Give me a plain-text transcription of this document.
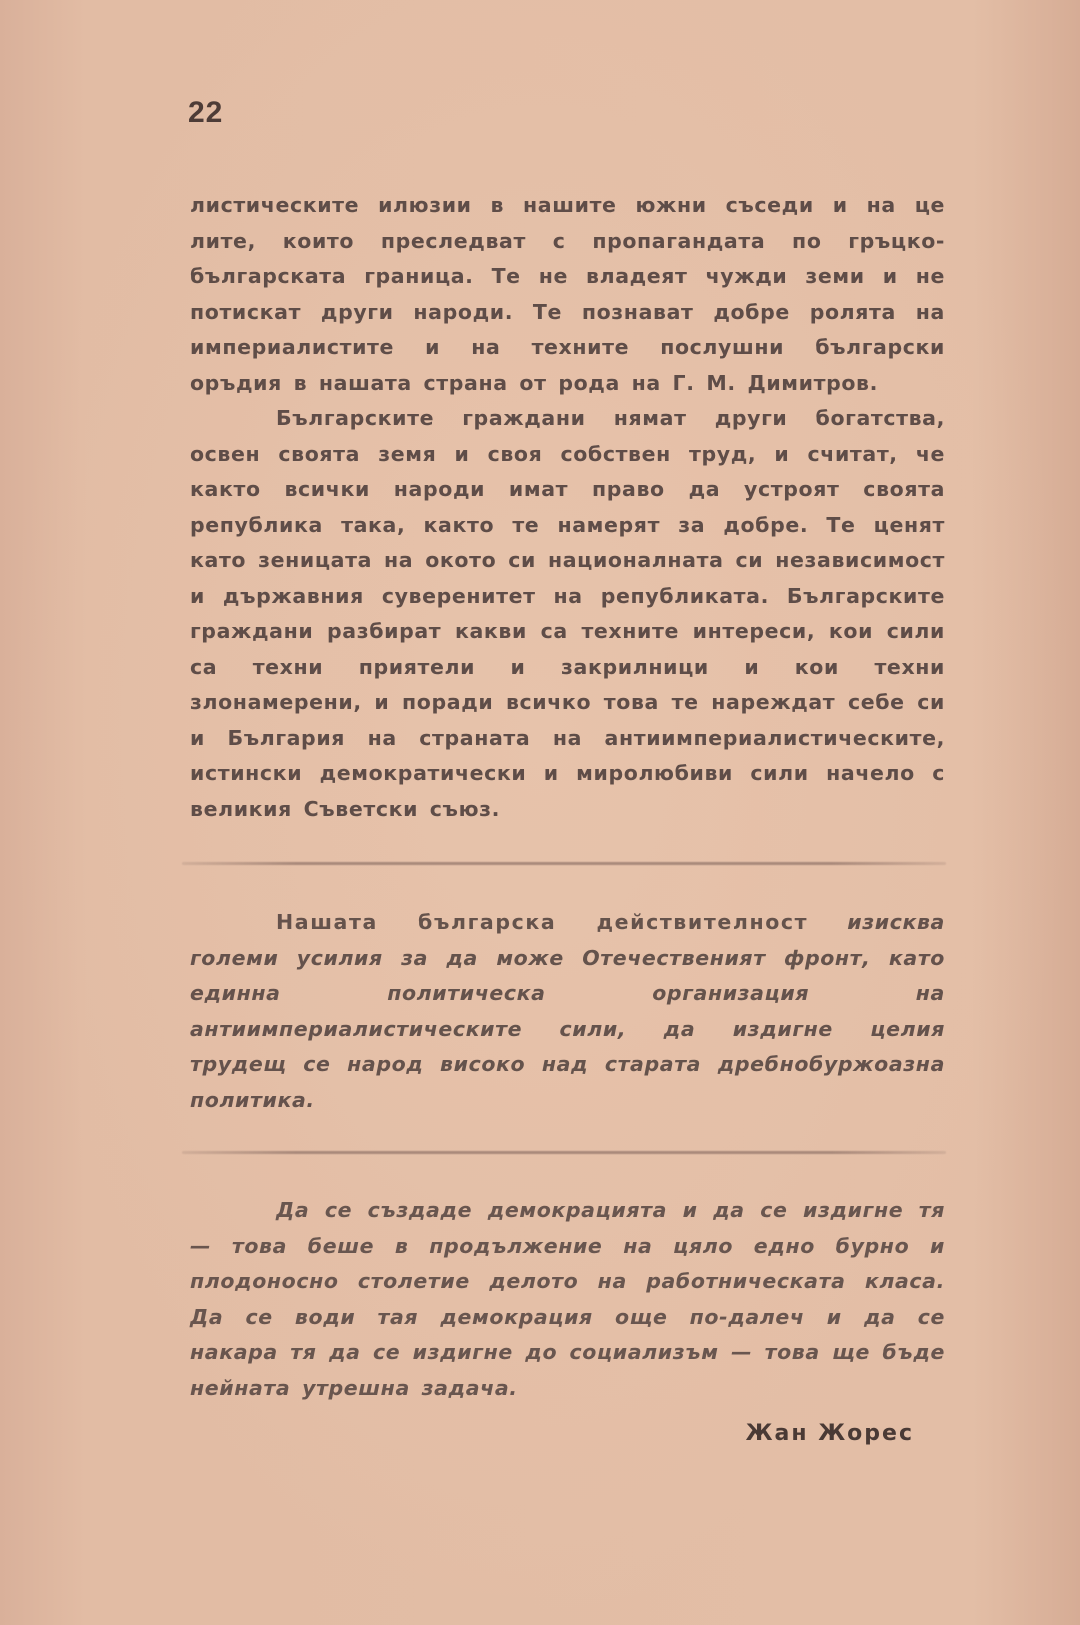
22

листическите илюзии в нашите южни съседи и на це лите, които преследват с пропагандата по гръцко-българската граница. Те не владеят чужди земи и не потискат други народи. Те познават добре ролята на империалистите и на техните послушни български оръдия в нашата страна от рода на Г. М. Димитров.

Българските граждани нямат други богатства, освен своята земя и своя собствен труд, и считат, че както всички народи имат право да устроят своята република така, както те намерят за добре. Те ценят като зеницата на окото си националната си независимост и държавния суверенитет на републиката. Българските граждани разбират какви са техните интереси, кои сили са техни приятели и закрилници и кои техни злонамерени, и поради всичко това те нареждат себе си и България на страната на антиимпериалистическите, истински демократически и миролюбиви сили начело с великия Съветски съюз.

Нашата българска действителност изисква големи усилия за да може Отечественият фронт, като единна политическа организация на антиимпериалистическите сили, да издигне целия трудещ се народ високо над старата дребнобуржоазна политика.

Да се създаде демокрацията и да се издигне тя — това беше в продължение на цяло едно бурно и плодоносно столетие делото на работническата класа. Да се води тая демокрация още по-далеч и да се накара тя да се издигне до социализъм — това ще бъде нейната утрешна задача.

Жан Жорес
